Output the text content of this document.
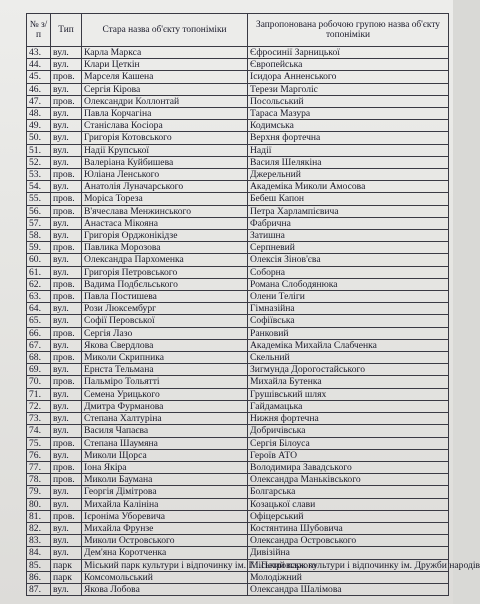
№ з/п	Тип	Стара назва об'єкту топоніміки	Запропонована робочою групою назва об'єкту топоніміки
43.	вул.	Карла Маркса	Єфросинії Зарницької
44.	вул.	Клари Цеткін	Європейська
45.	пров.	Марселя Кашена	Ісидора Анненського
46.	вул.	Сергія Кірова	Терези Марголіс
47.	пров.	Олександри Коллонтай	Посольський
48.	вул.	Павла Корчагіна	Тараса Мазура
49.	вул.	Станіслава Косіора	Кодимська
50.	вул.	Григорія Котовського	Верхня фортечна
51.	вул.	Надії Крупської	Надії
52.	вул.	Валеріана Куйбишева	Василя Шелякіна
53.	пров.	Юліана Ленського	Джерельний
54.	вул.	Анатолія Луначарського	Академіка Миколи Амосова
55.	пров.	Моріса Тореза	Бебеш Капон
56.	пров.	В'ячеслава Менжинського	Петра Харлампієвича
57.	вул.	Анастаса Мікояна	Фабрична
58.	вул.	Григорія Орджонікідзе	Затишна
59.	пров.	Павлика Морозова	Серпневий
60.	вул.	Олександра Пархоменка	Олексія Зінов'єва
61.	вул.	Григорія Петровського	Соборна
62.	пров.	Вадима Подбєльського	Романа Слободянюка
63.	пров.	Павла Постишева	Олени Теліги
64.	вул.	Рози Люксембург	Гімназійна
65.	вул.	Софії Перовської	Софіївська
66.	пров.	Сергія Лазо	Ранковий
67.	вул.	Якова Свердлова	Академіка Михайла Слабченка
68.	пров.	Миколи Скрипника	Скельний
69.	вул.	Ернста Тельмана	Зигмунда Дорогостайського
70.	пров.	Пальміро Тольятті	Михайла Бутенка
71.	вул.	Семена Урицького	Грушівський шлях
72.	вул.	Дмитра Фурманова	Гайдамацька
73.	вул.	Степана Халтуріна	Нижня фортечна
74.	вул.	Василя Чапаєва	Добричівська
75.	пров.	Степана Шаумяна	Сергія Білоуса
76.	вул.	Миколи Щорса	Героїв АТО
77.	пров.	Іона Якіра	Володимира Завадського
78.	пров.	Миколи Баумана	Олександра Маньківського
79.	вул.	Георгія Дімітрова	Болгарська
80.	вул.	Михайла Калініна	Козацької слави
81.	пров.	Ієроніма Уборевича	Офіцерський
82.	вул.	Михайла Фрунзе	Костянтина Шубовича
83.	вул.	Миколи Островського	Олександра Островського
84.	вул.	Дем'яна Коротченка	Дивізійна
85.	парк	Міський парк культури і відпочинку ім. Г.І.Петровського	Міський парк культури і відпочинку ім. Дружби народів
86.	парк	Комсомольський	Молодіжний
87.	вул.	Якова Лобова	Олександра Шалімова
